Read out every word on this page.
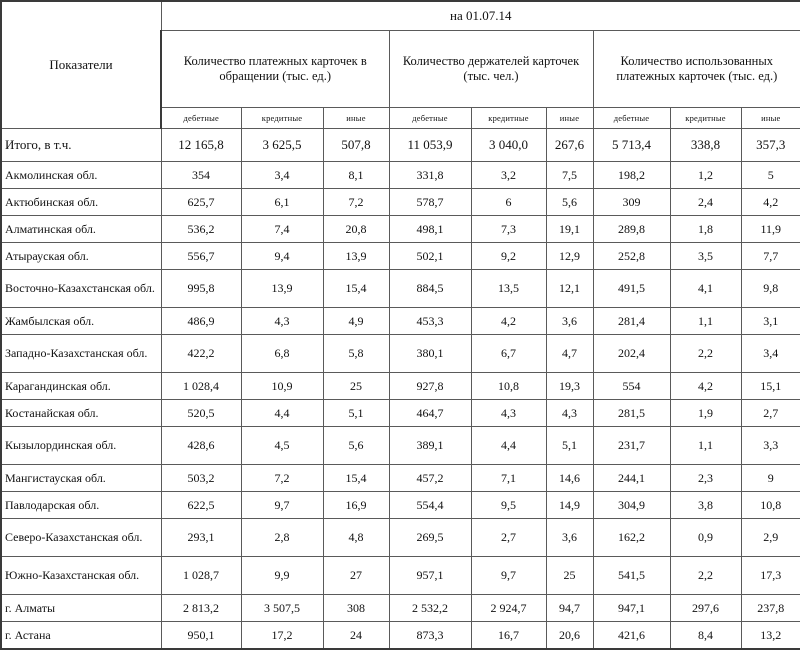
Показатели	на 01.07.14								
	Количество платежных карточек в обращении (тыс. ед.)			Количество держателей карточек (тыс. чел.)			Количество использованных платежных карточек (тыс. ед.)		
	дебетные	кредитные	иные	дебетные	кредитные	иные	дебетные	кредитные	иные
Итого, в т.ч.	12 165,8	3 625,5	507,8	11 053,9	3 040,0	267,6	5 713,4	338,8	357,3
Акмолинская обл.	354	3,4	8,1	331,8	3,2	7,5	198,2	1,2	5
Актюбинская обл.	625,7	6,1	7,2	578,7	6	5,6	309	2,4	4,2
Алматинская обл.	536,2	7,4	20,8	498,1	7,3	19,1	289,8	1,8	11,9
Атырауская обл.	556,7	9,4	13,9	502,1	9,2	12,9	252,8	3,5	7,7
Восточно-Казахстанская обл.	995,8	13,9	15,4	884,5	13,5	12,1	491,5	4,1	9,8
Жамбылская обл.	486,9	4,3	4,9	453,3	4,2	3,6	281,4	1,1	3,1
Западно-Казахстанская обл.	422,2	6,8	5,8	380,1	6,7	4,7	202,4	2,2	3,4
Карагандинская обл.	1 028,4	10,9	25	927,8	10,8	19,3	554	4,2	15,1
Костанайская обл.	520,5	4,4	5,1	464,7	4,3	4,3	281,5	1,9	2,7
Кызылординская обл.	428,6	4,5	5,6	389,1	4,4	5,1	231,7	1,1	3,3
Мангистауская обл.	503,2	7,2	15,4	457,2	7,1	14,6	244,1	2,3	9
Павлодарская обл.	622,5	9,7	16,9	554,4	9,5	14,9	304,9	3,8	10,8
Северо-Казахстанская обл.	293,1	2,8	4,8	269,5	2,7	3,6	162,2	0,9	2,9
Южно-Казахстанская обл.	1 028,7	9,9	27	957,1	9,7	25	541,5	2,2	17,3
г. Алматы	2 813,2	3 507,5	308	2 532,2	2 924,7	94,7	947,1	297,6	237,8
г. Астана	950,1	17,2	24	873,3	16,7	20,6	421,6	8,4	13,2
